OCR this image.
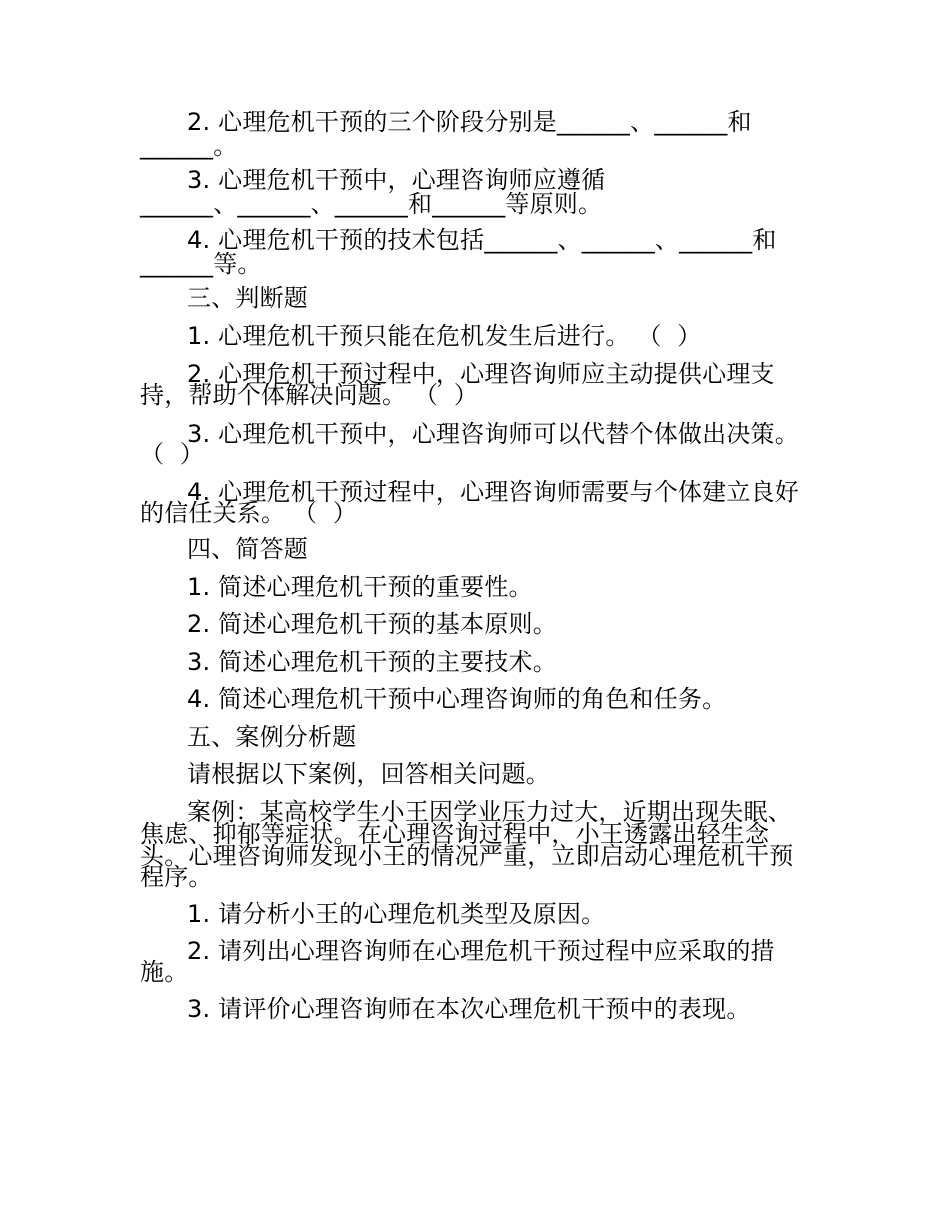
2. 心理危机干预的三个阶段分别是______、______和
______。
3. 心理危机干预中，心理咨询师应遵循
______、______、______和______等原则。
4. 心理危机干预的技术包括______、______、______和
______等。
三、判断题
1. 心理危机干预只能在危机发生后进行。 （  ）
2. 心理危机干预过程中，心理咨询师应主动提供心理支
持，帮助个体解决问题。 （  ）
3. 心理危机干预中，心理咨询师可以代替个体做出决策。
（  ）
4. 心理危机干预过程中，心理咨询师需要与个体建立良好
的信任关系。 （  ）
四、简答题
1. 简述心理危机干预的重要性。
2. 简述心理危机干预的基本原则。
3. 简述心理危机干预的主要技术。
4. 简述心理危机干预中心理咨询师的角色和任务。
五、案例分析题
请根据以下案例，回答相关问题。
案例：某高校学生小王因学业压力过大，近期出现失眠、
焦虑、抑郁等症状。在心理咨询过程中，小王透露出轻生念
头。心理咨询师发现小王的情况严重，立即启动心理危机干预
程序。
1. 请分析小王的心理危机类型及原因。
2. 请列出心理咨询师在心理危机干预过程中应采取的措
施。
3. 请评价心理咨询师在本次心理危机干预中的表现。
